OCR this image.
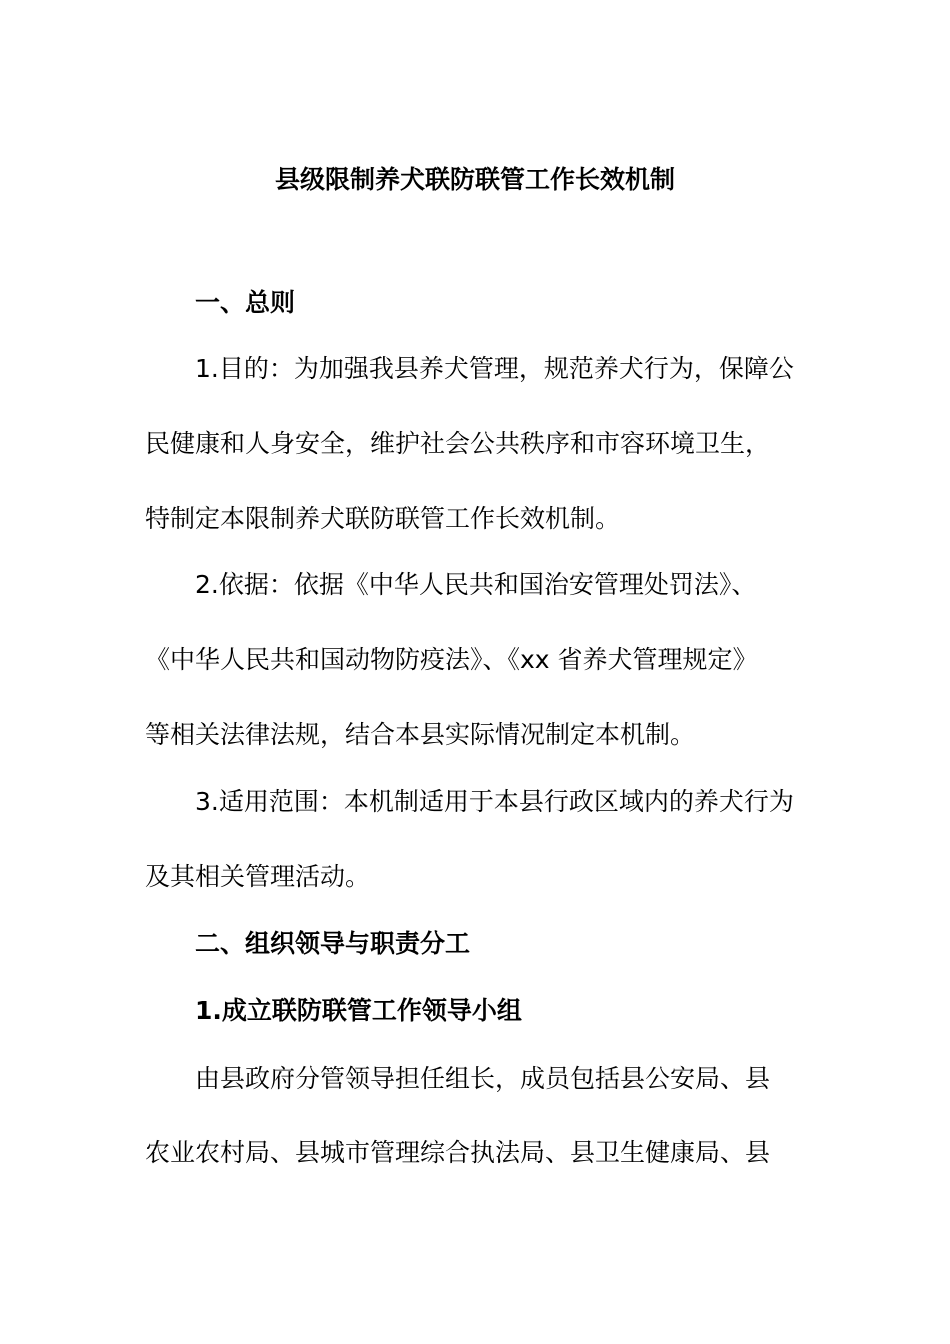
县级限制养犬联防联管工作长效机制
一、总则
1.目的：为加强我县养犬管理，规范养犬行为，保障公
民健康和人身安全，维护社会公共秩序和市容环境卫生，
特制定本限制养犬联防联管工作长效机制。
2.依据：依据《中华人民共和国治安管理处罚法》、
《中华人民共和国动物防疫法》、《xx 省养犬管理规定》
等相关法律法规，结合本县实际情况制定本机制。
3.适用范围：本机制适用于本县行政区域内的养犬行为
及其相关管理活动。
二、组织领导与职责分工
1.成立联防联管工作领导小组
由县政府分管领导担任组长，成员包括县公安局、县
农业农村局、县城市管理综合执法局、县卫生健康局、县
